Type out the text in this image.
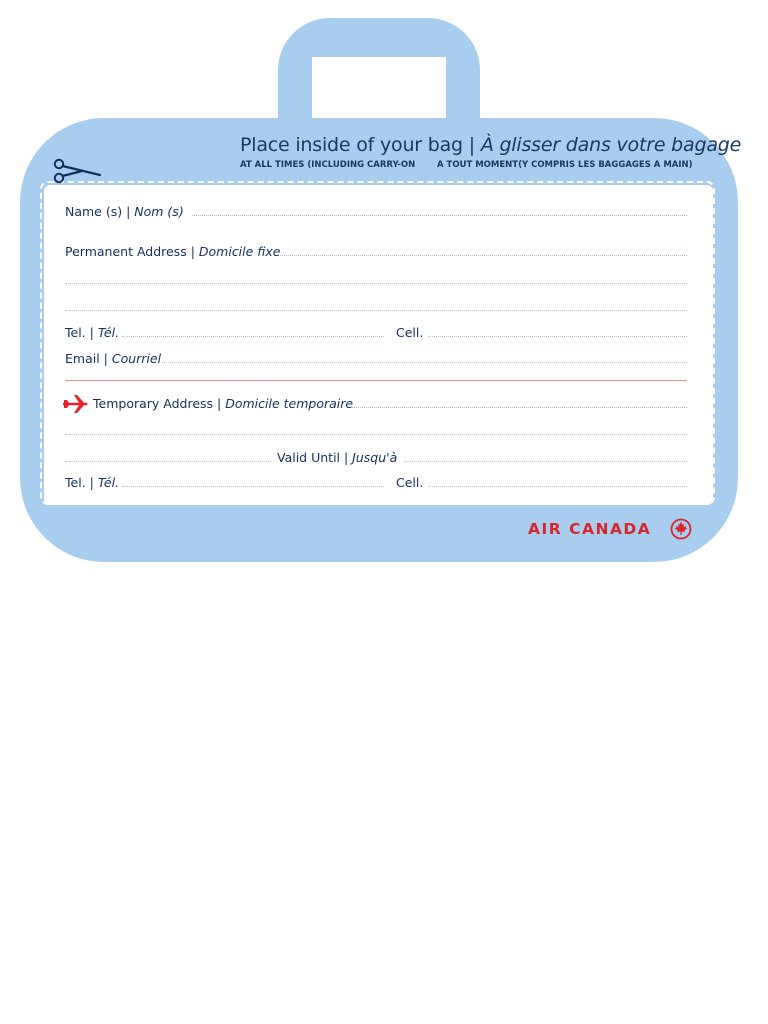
Place inside of your bag | À glisser dans votre bagage
AT ALL TIMES (INCLUDING CARRY-ON	A TOUT MOMENT(Y COMPRIS LES BAGGAGES A MAIN)
Name (s) | Nom (s)
Permanent Address | Domicile fixe
Tel. | Tél.	Cell.
Email | Courriel
Temporary Address | Domicile temporaire
Valid Until | Jusqu'à
Tel. | Tél.	Cell.
AIR CANADA
